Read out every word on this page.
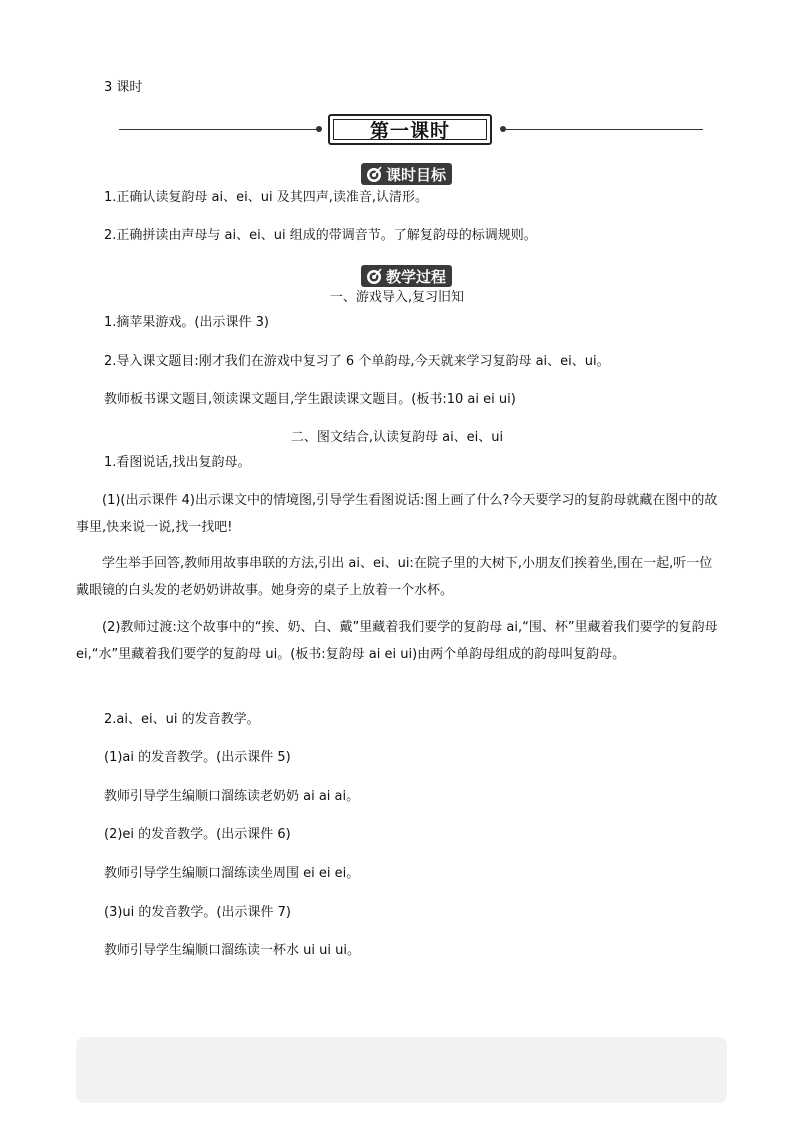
3 课时
第一课时
课时目标
1.正确认读复韵母 ai、ei、ui 及其四声,读准音,认清形。
2.正确拼读由声母与 ai、ei、ui 组成的带调音节。了解复韵母的标调规则。
教学过程
一、游戏导入,复习旧知
1.摘苹果游戏。(出示课件 3)
2.导入课文题目:刚才我们在游戏中复习了 6 个单韵母,今天就来学习复韵母 ai、ei、ui。
教师板书课文题目,领读课文题目,学生跟读课文题目。(板书:10 ai ei ui)
二、图文结合,认读复韵母 ai、ei、ui
1.看图说话,找出复韵母。
(1)(出示课件 4)出示课文中的情境图,引导学生看图说话:图上画了什么?今天要学习的复韵母就藏在图中的故事里,快来说一说,找一找吧!
学生举手回答,教师用故事串联的方法,引出 ai、ei、ui:在院子里的大树下,小朋友们挨着坐,围在一起,听一位戴眼镜的白头发的老奶奶讲故事。她身旁的桌子上放着一个水杯。
(2)教师过渡:这个故事中的“挨、奶、白、戴”里藏着我们要学的复韵母 ai,“围、杯”里藏着我们要学的复韵母 ei,“水”里藏着我们要学的复韵母 ui。(板书:复韵母 ai ei ui)由两个单韵母组成的韵母叫复韵母。
2.ai、ei、ui 的发音教学。
(1)ai 的发音教学。(出示课件 5)
教师引导学生编顺口溜练读老奶奶 ai ai ai。
(2)ei 的发音教学。(出示课件 6)
教师引导学生编顺口溜练读坐周围 ei ei ei。
(3)ui 的发音教学。(出示课件 7)
教师引导学生编顺口溜练读一杯水 ui ui ui。
